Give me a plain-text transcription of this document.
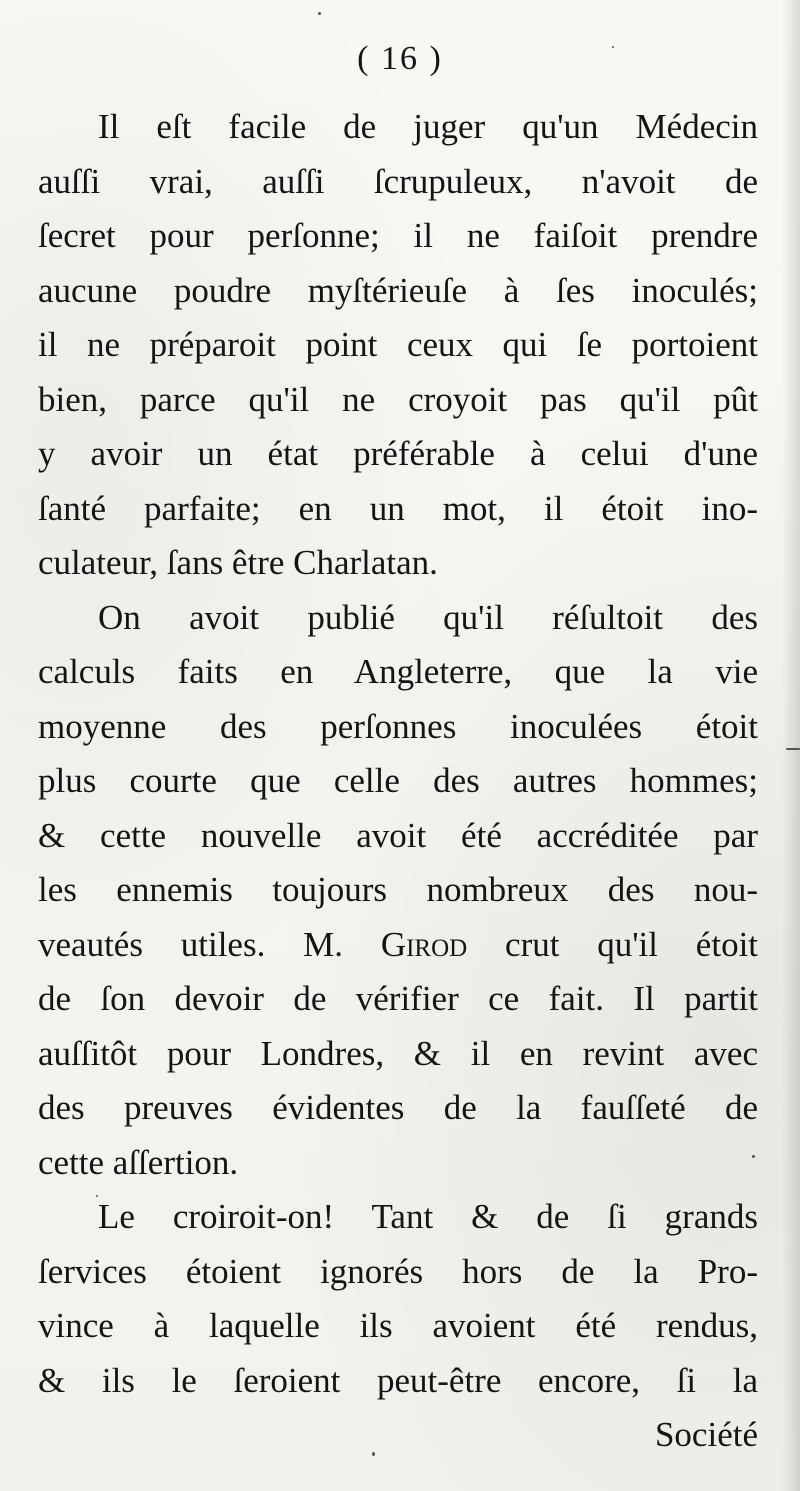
( 16 )
Il eſt facile de juger qu'un Médecin
auſſi vrai, auſſi ſcrupuleux, n'avoit de
ſecret pour perſonne; il ne faiſoit prendre
aucune poudre myſtérieuſe à ſes inoculés;
il ne préparoit point ceux qui ſe portoient
bien, parce qu'il ne croyoit pas qu'il pût
y avoir un état préférable à celui d'une
ſanté parfaite; en un mot, il étoit ino-
culateur, ſans être Charlatan.
On avoit publié qu'il réſultoit des
calculs faits en Angleterre, que la vie
moyenne des perſonnes inoculées étoit
plus courte que celle des autres hommes;
& cette nouvelle avoit été accréditée par
les ennemis toujours nombreux des nou-
veautés utiles. M. Girod crut qu'il étoit
de ſon devoir de vérifier ce fait. Il partit
auſſitôt pour Londres, & il en revint avec
des preuves évidentes de la fauſſeté de
cette aſſertion.
Le croiroit-on! Tant & de ſi grands
ſervices étoient ignorés hors de la Pro-
vince à laquelle ils avoient été rendus,
& ils le ſeroient peut-être encore, ſi la
Société
